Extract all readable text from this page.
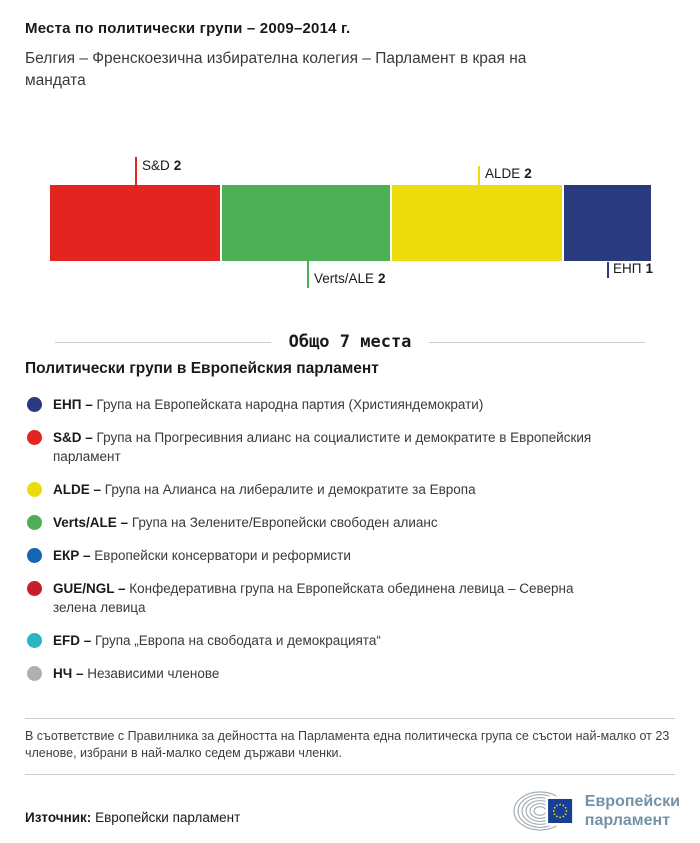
Места по политически групи – 2009–2014 г.
Белгия – Френскоезична избирателна колегия – Парламент в края на мандата
S&D 2
Verts/ALE 2
ALDE 2
ЕНП 1
Общо 7 места
Политически групи в Европейския парламент
ЕНП – Група на Европейската народна партия (Християндемократи)
S&D – Група на Прогресивния алианс на социалистите и демократите в Европейския парламент
ALDE – Група на Алианса на либералите и демократите за Европа
Verts/ALE – Група на Зелените/Европейски свободен алианс
ЕКР – Европейски консерватори и реформисти
GUE/NGL – Конфедеративна група на Европейската обединена левица – Северна зелена левица
EFD – Група „Европа на свободата и демокрацията“
НЧ – Независими членове
В съответствие с Правилника за дейността на Парламента една политическа група се състои най-малко от 23 членове, избрани в най-малко седем държави членки.
Източник: Европейски парламент
Европейски
парламент
